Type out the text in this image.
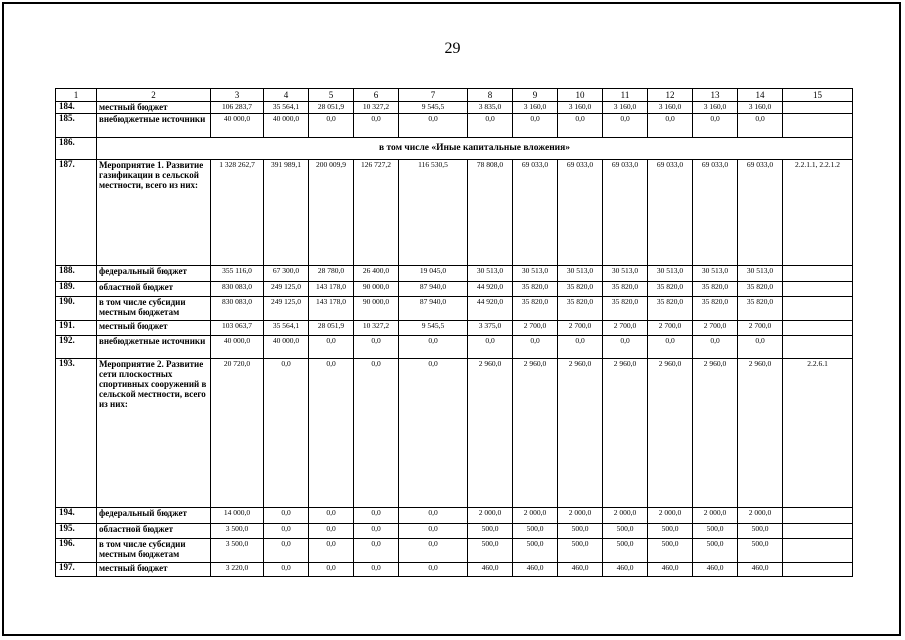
29
1	2	3	4	5	6	7	8	9	10	11	12	13	14	15
184.	местный бюджет	106 283,7	35 564,1	28 051,9	10 327,2	9 545,5	3 835,0	3 160,0	3 160,0	3 160,0	3 160,0	3 160,0	3 160,0	
185.	внебюджетные источники	40 000,0	40 000,0	0,0	0,0	0,0	0,0	0,0	0,0	0,0	0,0	0,0	0,0	
186.	в том числе «Иные капитальные вложения»													
187.	Мероприятие 1. Развитие газификации в сельской местности, всего из них:	1 328 262,7	391 989,1	200 009,9	126 727,2	116 530,5	78 808,0	69 033,0	69 033,0	69 033,0	69 033,0	69 033,0	69 033,0	2.2.1.1, 2.2.1.2
188.	федеральный бюджет	355 116,0	67 300,0	28 780,0	26 400,0	19 045,0	30 513,0	30 513,0	30 513,0	30 513,0	30 513,0	30 513,0	30 513,0	
189.	областной бюджет	830 083,0	249 125,0	143 178,0	90 000,0	87 940,0	44 920,0	35 820,0	35 820,0	35 820,0	35 820,0	35 820,0	35 820,0	
190.	в том числе субсидии местным бюджетам	830 083,0	249 125,0	143 178,0	90 000,0	87 940,0	44 920,0	35 820,0	35 820,0	35 820,0	35 820,0	35 820,0	35 820,0	
191.	местный бюджет	103 063,7	35 564,1	28 051,9	10 327,2	9 545,5	3 375,0	2 700,0	2 700,0	2 700,0	2 700,0	2 700,0	2 700,0	
192.	внебюджетные источники	40 000,0	40 000,0	0,0	0,0	0,0	0,0	0,0	0,0	0,0	0,0	0,0	0,0	
193.	Мероприятие 2. Развитие сети плоскостных спортивных сооружений в сельской местности, всего из них:	20 720,0	0,0	0,0	0,0	0,0	2 960,0	2 960,0	2 960,0	2 960,0	2 960,0	2 960,0	2 960,0	2.2.6.1
194.	федеральный бюджет	14 000,0	0,0	0,0	0,0	0,0	2 000,0	2 000,0	2 000,0	2 000,0	2 000,0	2 000,0	2 000,0	
195.	областной бюджет	3 500,0	0,0	0,0	0,0	0,0	500,0	500,0	500,0	500,0	500,0	500,0	500,0	
196.	в том числе субсидии местным бюджетам	3 500,0	0,0	0,0	0,0	0,0	500,0	500,0	500,0	500,0	500,0	500,0	500,0	
197.	местный бюджет	3 220,0	0,0	0,0	0,0	0,0	460,0	460,0	460,0	460,0	460,0	460,0	460,0	
